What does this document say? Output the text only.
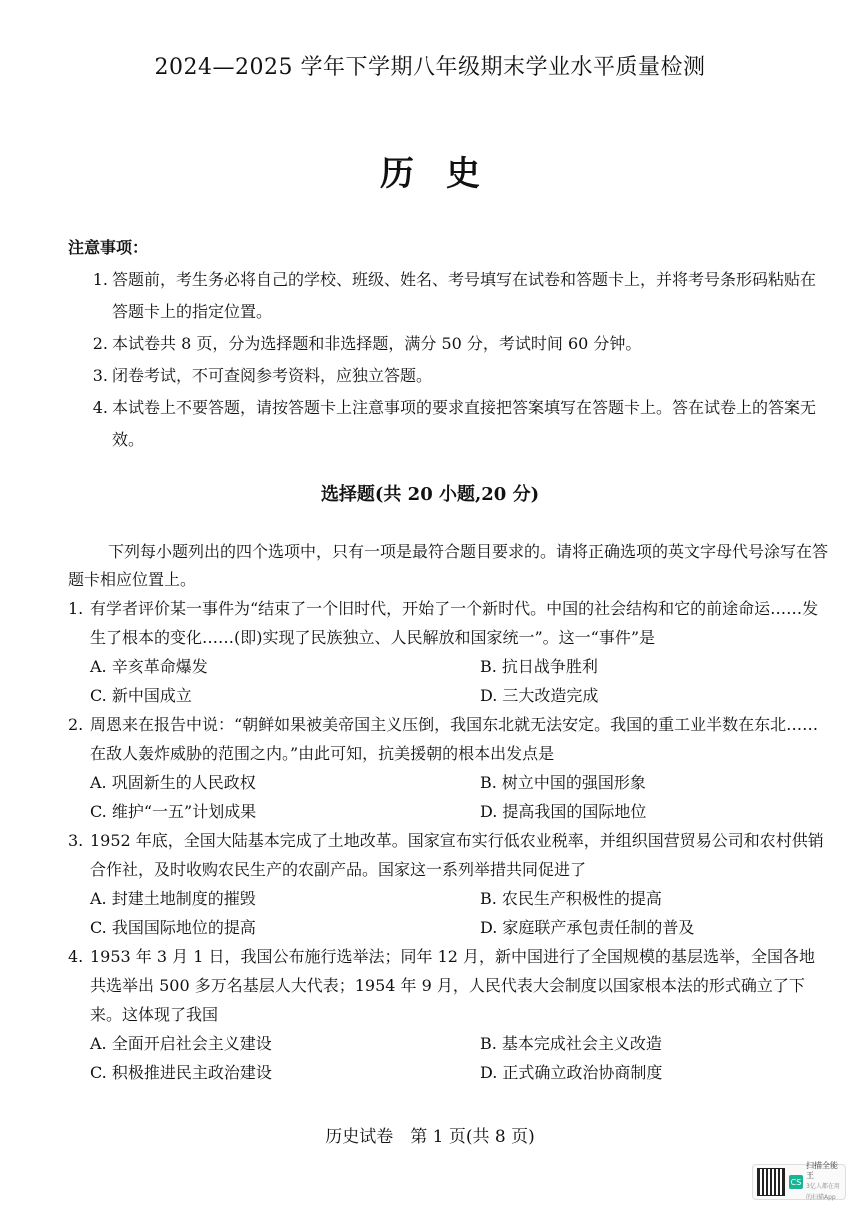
2024—2025 学年下学期八年级期末学业水平质量检测
历史
注意事项：
1. 答题前，考生务必将自己的学校、班级、姓名、考号填写在试卷和答题卡上，并将考号条形码粘贴在答题卡上的指定位置。
2. 本试卷共 8 页，分为选择题和非选择题，满分 50 分，考试时间 60 分钟。
3. 闭卷考试，不可查阅参考资料，应独立答题。
4. 本试卷上不要答题，请按答题卡上注意事项的要求直接把答案填写在答题卡上。答在试卷上的答案无效。
选择题(共 20 小题,20 分)
下列每小题列出的四个选项中，只有一项是最符合题目要求的。请将正确选项的英文字母代号涂写在答题卡相应位置上。
1. 有学者评价某一事件为“结束了一个旧时代，开始了一个新时代。中国的社会结构和它的前途命运……发生了根本的变化……(即)实现了民族独立、人民解放和国家统一”。这一“事件”是
A. 辛亥革命爆发	B. 抗日战争胜利
C. 新中国成立	D. 三大改造完成
2. 周恩来在报告中说：“朝鲜如果被美帝国主义压倒，我国东北就无法安定。我国的重工业半数在东北……在敌人轰炸威胁的范围之内。”由此可知，抗美援朝的根本出发点是
A. 巩固新生的人民政权	B. 树立中国的强国形象
C. 维护“一五”计划成果	D. 提高我国的国际地位
3. 1952 年底，全国大陆基本完成了土地改革。国家宣布实行低农业税率，并组织国营贸易公司和农村供销合作社，及时收购农民生产的农副产品。国家这一系列举措共同促进了
A. 封建土地制度的摧毁	B. 农民生产积极性的提高
C. 我国国际地位的提高	D. 家庭联产承包责任制的普及
4. 1953 年 3 月 1 日，我国公布施行选举法；同年 12 月，新中国进行了全国规模的基层选举，全国各地共选举出 500 多万名基层人大代表；1954 年 9 月，人民代表大会制度以国家根本法的形式确立了下来。这体现了我国
A. 全面开启社会主义建设	B. 基本完成社会主义改造
C. 积极推进民主政治建设	D. 正式确立政治协商制度
历史试卷　第 1 页(共 8 页)
CS
扫描全能王
3亿人都在用的扫描App
